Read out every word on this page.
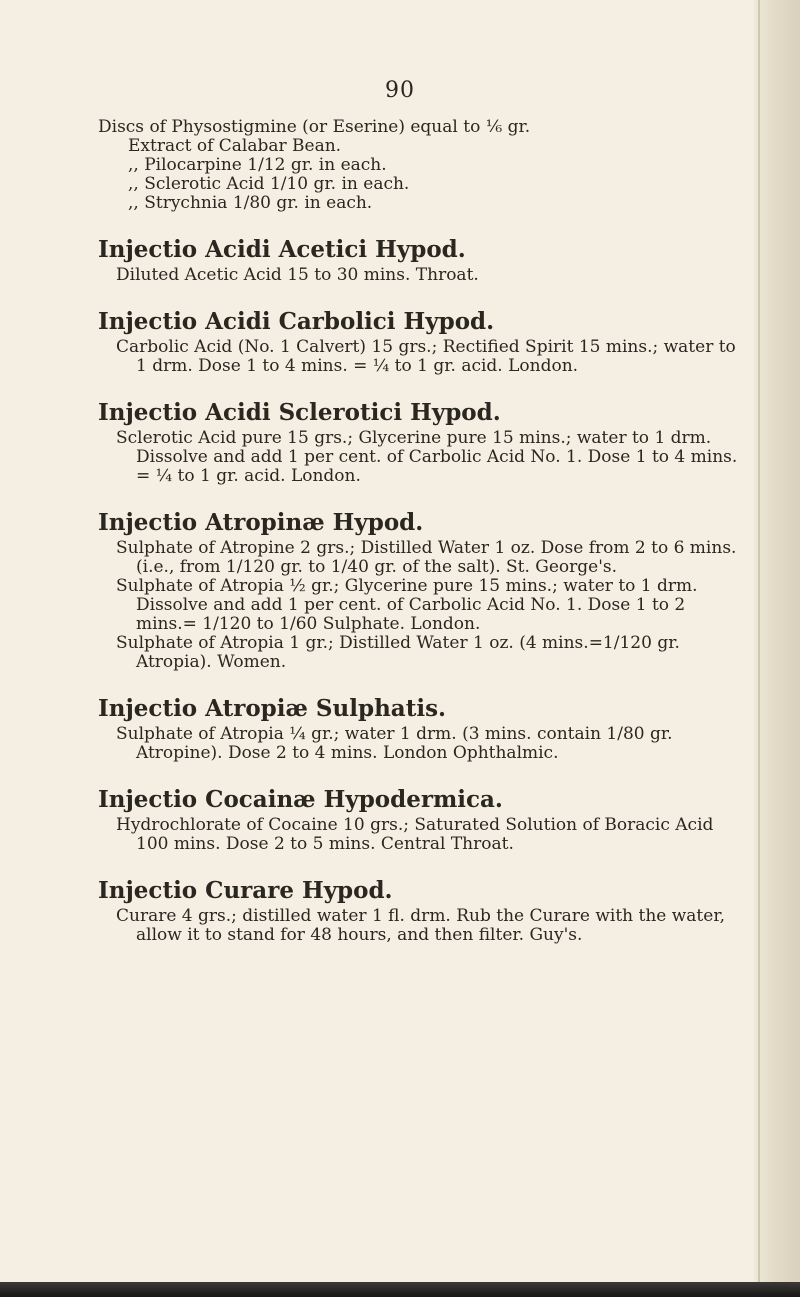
90

Discs of Physostigmine (or Eserine) equal to ⅙ gr.

Extract of Calabar Bean.

,, Pilocarpine 1/12 gr. in each.

,, Sclerotic Acid 1/10 gr. in each.

,, Strychnia 1/80 gr. in each.

Injectio Acidi Acetici Hypod.

Diluted Acetic Acid 15 to 30 mins. Throat.

Injectio Acidi Carbolici Hypod.

Carbolic Acid (No. 1 Calvert) 15 grs.; Rectified Spirit 15 mins.; water to 1 drm. Dose 1 to 4 mins. = ¼ to 1 gr. acid. London.

Injectio Acidi Sclerotici Hypod.

Sclerotic Acid pure 15 grs.; Glycerine pure 15 mins.; water to 1 drm. Dissolve and add 1 per cent. of Carbolic Acid No. 1. Dose 1 to 4 mins. = ¼ to 1 gr. acid. London.

Injectio Atropinæ Hypod.

Sulphate of Atropine 2 grs.; Distilled Water 1 oz. Dose from 2 to 6 mins. (i.e., from 1/120 gr. to 1/40 gr. of the salt). St. George's.

Sulphate of Atropia ½ gr.; Glycerine pure 15 mins.; water to 1 drm. Dissolve and add 1 per cent. of Carbolic Acid No. 1. Dose 1 to 2 mins.= 1/120 to 1/60 Sulphate. London.

Sulphate of Atropia 1 gr.; Distilled Water 1 oz. (4 mins.=1/120 gr. Atropia). Women.

Injectio Atropiæ Sulphatis.

Sulphate of Atropia ¼ gr.; water 1 drm. (3 mins. contain 1/80 gr. Atropine). Dose 2 to 4 mins. London Ophthalmic.

Injectio Cocainæ Hypodermica.

Hydrochlorate of Cocaine 10 grs.; Saturated Solution of Boracic Acid 100 mins. Dose 2 to 5 mins. Central Throat.

Injectio Curare Hypod.

Curare 4 grs.; distilled water 1 fl. drm. Rub the Curare with the water, allow it to stand for 48 hours, and then filter. Guy's.
